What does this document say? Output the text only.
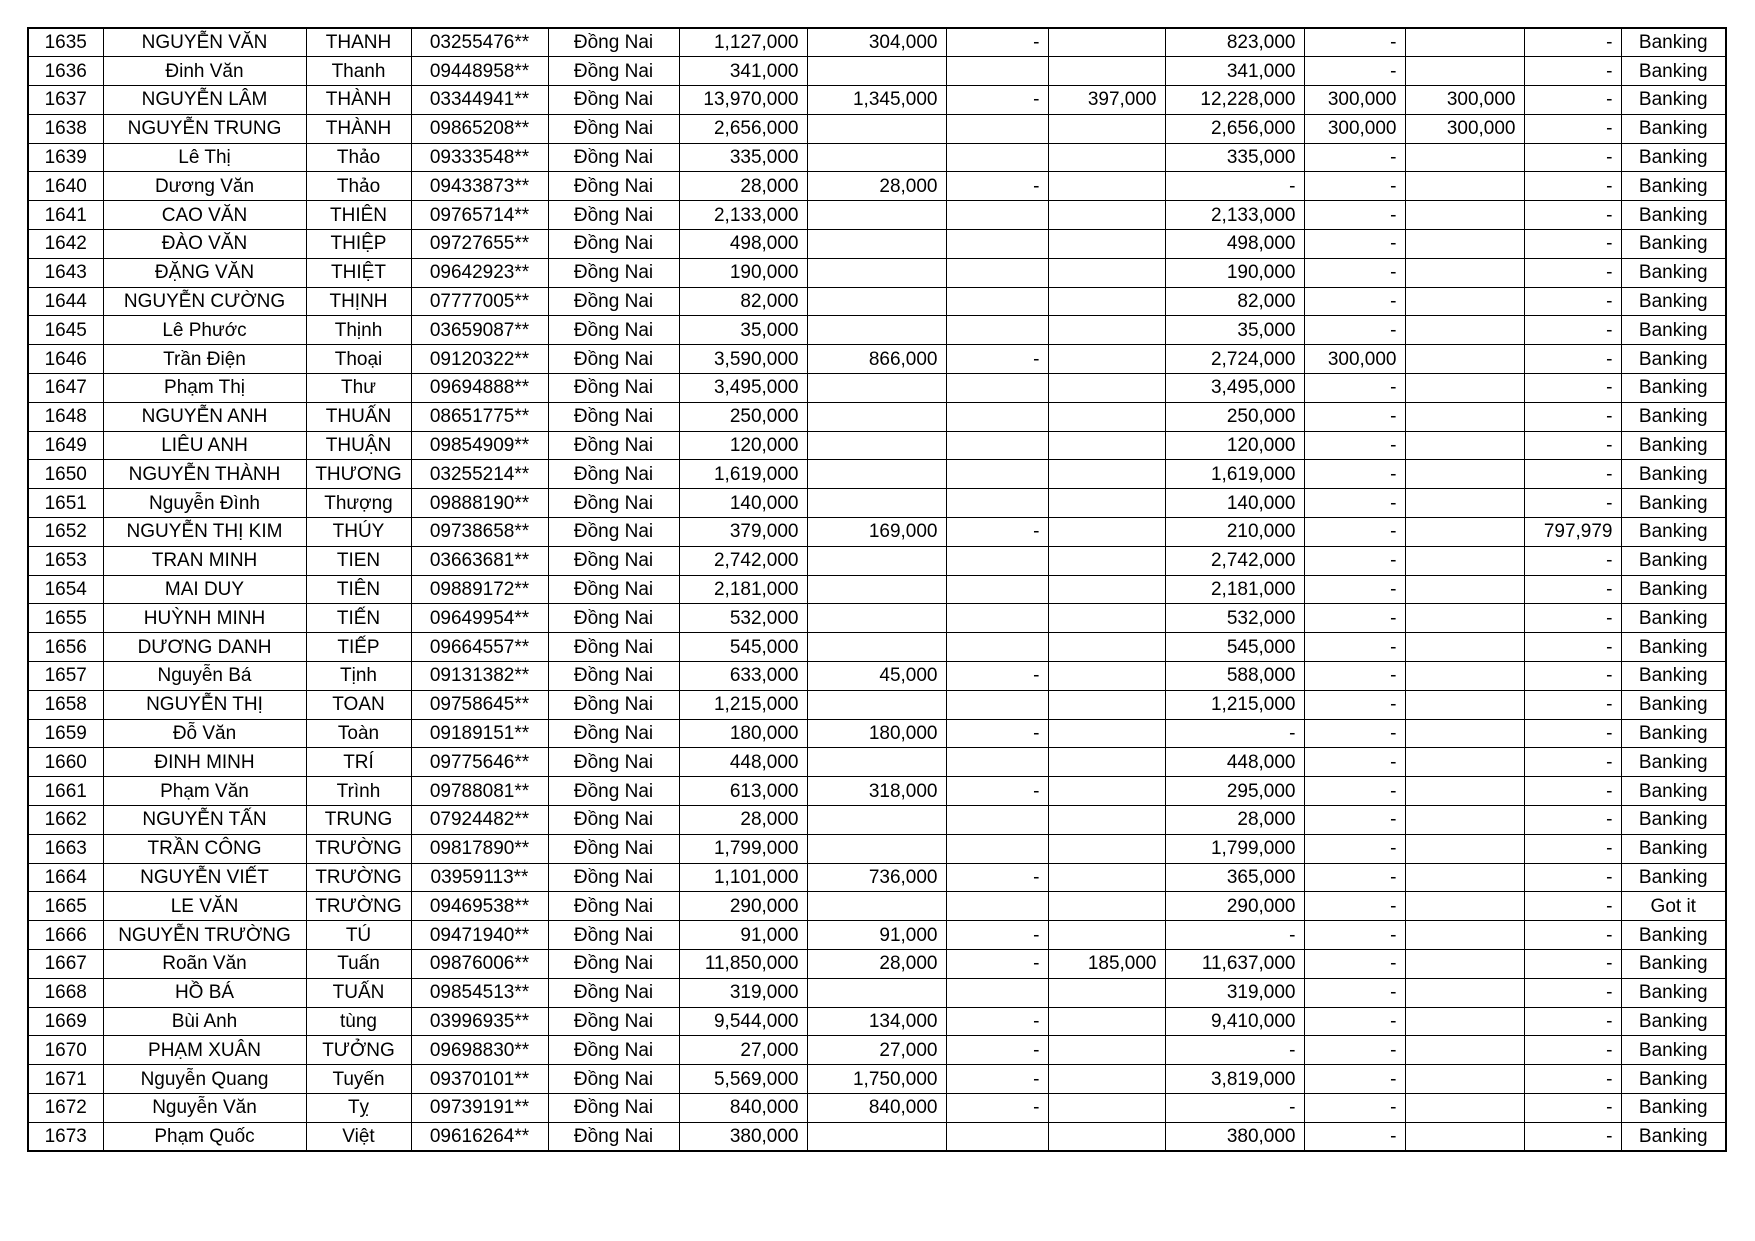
1635	NGUYỄN VĂN	THANH	03255476**	Đồng Nai	1,127,000	304,000	-		823,000	-		-	Banking
1636	Đinh Văn	Thanh	09448958**	Đồng Nai	341,000				341,000	-		-	Banking
1637	NGUYỄN LÂM	THÀNH	03344941**	Đồng Nai	13,970,000	1,345,000	-	397,000	12,228,000	300,000	300,000	-	Banking
1638	NGUYỄN TRUNG	THÀNH	09865208**	Đồng Nai	2,656,000				2,656,000	300,000	300,000	-	Banking
1639	Lê Thị	Thảo	09333548**	Đồng Nai	335,000				335,000	-		-	Banking
1640	Dương Văn	Thảo	09433873**	Đồng Nai	28,000	28,000	-		-	-		-	Banking
1641	CAO VĂN	THIÊN	09765714**	Đồng Nai	2,133,000				2,133,000	-		-	Banking
1642	ĐÀO VĂN	THIỆP	09727655**	Đồng Nai	498,000				498,000	-		-	Banking
1643	ĐẶNG VĂN	THIỆT	09642923**	Đồng Nai	190,000				190,000	-		-	Banking
1644	NGUYỄN CƯỜNG	THỊNH	07777005**	Đồng Nai	82,000				82,000	-		-	Banking
1645	Lê Phước	Thịnh	03659087**	Đồng Nai	35,000				35,000	-		-	Banking
1646	Trần Điện	Thoại	09120322**	Đồng Nai	3,590,000	866,000	-		2,724,000	300,000		-	Banking
1647	Phạm Thị	Thư	09694888**	Đồng Nai	3,495,000				3,495,000	-		-	Banking
1648	NGUYỄN ANH	THUẤN	08651775**	Đồng Nai	250,000				250,000	-		-	Banking
1649	LIÊU ANH	THUẬN	09854909**	Đồng Nai	120,000				120,000	-		-	Banking
1650	NGUYỄN THÀNH	THƯƠNG	03255214**	Đồng Nai	1,619,000				1,619,000	-		-	Banking
1651	Nguyễn Đình	Thượng	09888190**	Đồng Nai	140,000				140,000	-		-	Banking
1652	NGUYỄN THỊ KIM	THÚY	09738658**	Đồng Nai	379,000	169,000	-		210,000	-		797,979	Banking
1653	TRAN MINH	TIEN	03663681**	Đồng Nai	2,742,000				2,742,000	-		-	Banking
1654	MAI DUY	TIÊN	09889172**	Đồng Nai	2,181,000				2,181,000	-		-	Banking
1655	HUỲNH MINH	TIẾN	09649954**	Đồng Nai	532,000				532,000	-		-	Banking
1656	DƯƠNG DANH	TIẾP	09664557**	Đồng Nai	545,000				545,000	-		-	Banking
1657	Nguyễn Bá	Tịnh	09131382**	Đồng Nai	633,000	45,000	-		588,000	-		-	Banking
1658	NGUYỄN THỊ	TOAN	09758645**	Đồng Nai	1,215,000				1,215,000	-		-	Banking
1659	Đỗ Văn	Toàn	09189151**	Đồng Nai	180,000	180,000	-		-	-		-	Banking
1660	ĐINH MINH	TRÍ	09775646**	Đồng Nai	448,000				448,000	-		-	Banking
1661	Phạm Văn	Trình	09788081**	Đồng Nai	613,000	318,000	-		295,000	-		-	Banking
1662	NGUYỄN TẤN	TRUNG	07924482**	Đồng Nai	28,000				28,000	-		-	Banking
1663	TRẦN CÔNG	TRƯỜNG	09817890**	Đồng Nai	1,799,000				1,799,000	-		-	Banking
1664	NGUYỄN VIẾT	TRƯỜNG	03959113**	Đồng Nai	1,101,000	736,000	-		365,000	-		-	Banking
1665	LE VĂN	TRƯỜNG	09469538**	Đồng Nai	290,000				290,000	-		-	Got it
1666	NGUYỄN TRƯỜNG	TÚ	09471940**	Đồng Nai	91,000	91,000	-		-	-		-	Banking
1667	Roãn Văn	Tuấn	09876006**	Đồng Nai	11,850,000	28,000	-	185,000	11,637,000	-		-	Banking
1668	HỒ BÁ	TUẤN	09854513**	Đồng Nai	319,000				319,000	-		-	Banking
1669	Bùi Anh	tùng	03996935**	Đồng Nai	9,544,000	134,000	-		9,410,000	-		-	Banking
1670	PHẠM XUÂN	TƯỞNG	09698830**	Đồng Nai	27,000	27,000	-		-	-		-	Banking
1671	Nguyễn Quang	Tuyến	09370101**	Đồng Nai	5,569,000	1,750,000	-		3,819,000	-		-	Banking
1672	Nguyễn Văn	Tỵ	09739191**	Đồng Nai	840,000	840,000	-		-	-		-	Banking
1673	Phạm Quốc	Việt	09616264**	Đồng Nai	380,000				380,000	-		-	Banking
